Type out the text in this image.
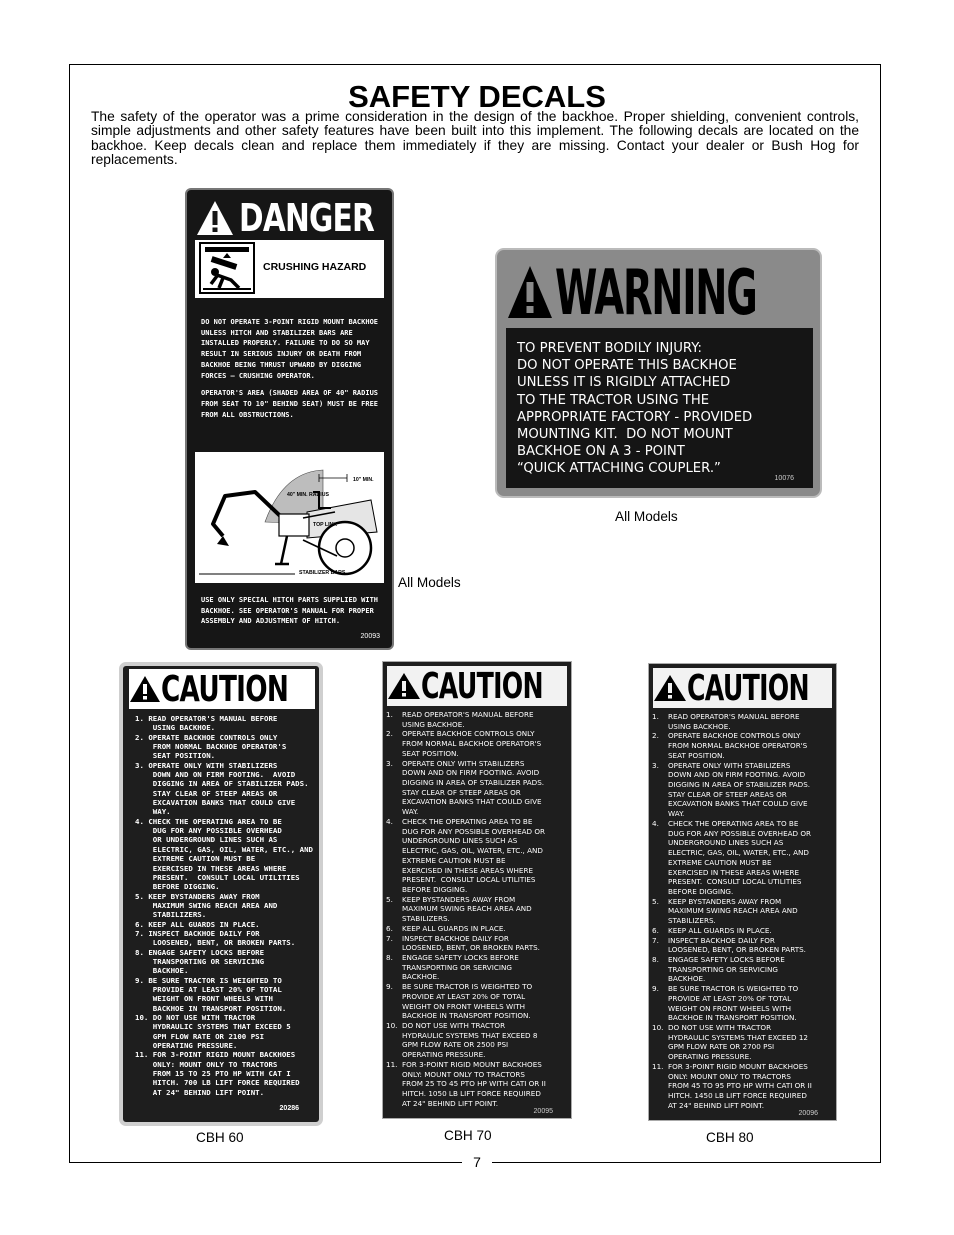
SAFETY DECALS

The safety of the operator was a prime consideration in the design of the backhoe. Proper shielding, convenient controls, simple adjustments and other safety features have been built into this implement. The following decals are located on the backhoe. Keep decals clean and replace them immediately if they are missing. Contact your dealer or Bush Hog for replacements.

DANGER
CRUSHING HAZARD

DO NOT OPERATE 3-POINT RIGID MOUNT BACKHOE UNLESS HITCH AND STABILIZER BARS ARE INSTALLED PROPERLY. FAILURE TO DO SO MAY RESULT IN SERIOUS INJURY OR DEATH FROM BACKHOE BEING THRUST UPWARD BY DIGGING FORCES – CRUSHING OPERATOR.

OPERATOR'S AREA (SHADED AREA OF 40" RADIUS FROM SEAT TO 10" BEHIND SEAT) MUST BE FREE FROM ALL OBSTRUCTIONS.

10" MIN.
40" MIN. RADIUS
TOP LINK
STABILIZER BARS
USE ONLY SPECIAL HITCH PARTS SUPPLIED WITH BACKHOE. SEE OPERATOR'S MANUAL FOR PROPER ASSEMBLY AND ADJUSTMENT OF HITCH.
20093
All Models
WARNING
TO PREVENT BODILY INJURY:
DO NOT OPERATE THIS BACKHOE
UNLESS IT IS RIGIDLY ATTACHED
TO THE TRACTOR USING THE
APPROPRIATE FACTORY - PROVIDED
MOUNTING KIT.  DO NOT MOUNT
BACKHOE ON A 3 - POINT
“QUICK ATTACHING COUPLER.”
10076
All Models
CAUTION
1. READ OPERATOR'S MANUAL BEFORE
USING BACKHOE.
2. OPERATE BACKHOE CONTROLS ONLY
FROM NORMAL BACKHOE OPERATOR'S
SEAT POSITION.
3. OPERATE ONLY WITH STABILIZERS
DOWN AND ON FIRM FOOTING.  AVOID
DIGGING IN AREA OF STABILIZER PADS.
STAY CLEAR OF STEEP AREAS OR
EXCAVATION BANKS THAT COULD GIVE
WAY.
4. CHECK THE OPERATING AREA TO BE
DUG FOR ANY POSSIBLE OVERHEAD
OR UNDERGROUND LINES SUCH AS
ELECTRIC, GAS, OIL, WATER, ETC., AND
EXTREME CAUTION MUST BE
EXERCISED IN THESE AREAS WHERE
PRESENT.  CONSULT LOCAL UTILITIES
BEFORE DIGGING.
5. KEEP BYSTANDERS AWAY FROM
MAXIMUM SWING REACH AREA AND
STABILIZERS.
6. KEEP ALL GUARDS IN PLACE.
7. INSPECT BACKHOE DAILY FOR
LOOSENED, BENT, OR BROKEN PARTS.
8. ENGAGE SAFETY LOCKS BEFORE
TRANSPORTING OR SERVICING
BACKHOE.
9. BE SURE TRACTOR IS WEIGHTED TO
PROVIDE AT LEAST 20% OF TOTAL
WEIGHT ON FRONT WHEELS WITH
BACKHOE IN TRANSPORT POSITION.
10. DO NOT USE WITH TRACTOR
HYDRAULIC SYSTEMS THAT EXCEED 5
GPM FLOW RATE OR 2100 PSI
OPERATING PRESSURE.
11. FOR 3-POINT RIGID MOUNT BACKHOES
ONLY: MOUNT ONLY TO TRACTORS
FROM 15 TO 25 PTO HP WITH CAT I
HITCH. 700 LB LIFT FORCE REQUIRED
AT 24" BEHIND LIFT POINT.
20286
CBH 60
CAUTION
1. READ OPERATOR'S MANUAL BEFORE
USING BACKHOE.
2. OPERATE BACKHOE CONTROLS ONLY
FROM NORMAL BACKHOE OPERATOR'S
SEAT POSITION.
3. OPERATE ONLY WITH STABILIZERS
DOWN AND ON FIRM FOOTING. AVOID
DIGGING IN AREA OF STABILIZER PADS.
STAY CLEAR OF STEEP AREAS OR
EXCAVATION BANKS THAT COULD GIVE
WAY.
4. CHECK THE OPERATING AREA TO BE
DUG FOR ANY POSSIBLE OVERHEAD OR
UNDERGROUND LINES SUCH AS
ELECTRIC, GAS, OIL, WATER, ETC., AND
EXTREME CAUTION MUST BE
EXERCISED IN THESE AREAS WHERE
PRESENT.  CONSULT LOCAL UTILITIES
BEFORE DIGGING.
5. KEEP BYSTANDERS AWAY FROM
MAXIMUM SWING REACH AREA AND
STABILIZERS.
6. KEEP ALL GUARDS IN PLACE.
7. INSPECT BACKHOE DAILY FOR
LOOSENED, BENT, OR BROKEN PARTS.
8. ENGAGE SAFETY LOCKS BEFORE
TRANSPORTING OR SERVICING
BACKHOE.
9. BE SURE TRACTOR IS WEIGHTED TO
PROVIDE AT LEAST 20% OF TOTAL
WEIGHT ON FRONT WHEELS WITH
BACKHOE IN TRANSPORT POSITION.
10. DO NOT USE WITH TRACTOR
HYDRAULIC SYSTEMS THAT EXCEED 8
GPM FLOW RATE OR 2500 PSI
OPERATING PRESSURE.
11. FOR 3-POINT RIGID MOUNT BACKHOES
ONLY: MOUNT ONLY TO TRACTORS
FROM 25 TO 45 PTO HP WITH CATI OR II
HITCH. 1050 LB LIFT FORCE REQUIRED
AT 24" BEHIND LIFT POINT.
20095
CBH 70
CAUTION
1. READ OPERATOR'S MANUAL BEFORE
USING BACKHOE.
2. OPERATE BACKHOE CONTROLS ONLY
FROM NORMAL BACKHOE OPERATOR'S
SEAT POSITION.
3. OPERATE ONLY WITH STABILIZERS
DOWN AND ON FIRM FOOTING. AVOID
DIGGING IN AREA OF STABILIZER PADS.
STAY CLEAR OF STEEP AREAS OR
EXCAVATION BANKS THAT COULD GIVE
WAY.
4. CHECK THE OPERATING AREA TO BE
DUG FOR ANY POSSIBLE OVERHEAD OR
UNDERGROUND LINES SUCH AS
ELECTRIC, GAS, OIL, WATER, ETC., AND
EXTREME CAUTION MUST BE
EXERCISED IN THESE AREAS WHERE
PRESENT.  CONSULT LOCAL UTILITIES
BEFORE DIGGING.
5. KEEP BYSTANDERS AWAY FROM
MAXIMUM SWING REACH AREA AND
STABILIZERS.
6. KEEP ALL GUARDS IN PLACE.
7. INSPECT BACKHOE DAILY FOR
LOOSENED, BENT, OR BROKEN PARTS.
8. ENGAGE SAFETY LOCKS BEFORE
TRANSPORTING OR SERVICING
BACKHOE.
9. BE SURE TRACTOR IS WEIGHTED TO
PROVIDE AT LEAST 20% OF TOTAL
WEIGHT ON FRONT WHEELS WITH
BACKHOE IN TRANSPORT POSITION.
10. DO NOT USE WITH TRACTOR
HYDRAULIC SYSTEMS THAT EXCEED 12
GPM FLOW RATE OR 2700 PSI
OPERATING PRESSURE.
11. FOR 3-POINT RIGID MOUNT BACKHOES
ONLY: MOUNT ONLY TO TRACTORS
FROM 45 TO 95 PTO HP WITH CATI OR II
HITCH. 1450 LB LIFT FORCE REQUIRED
AT 24" BEHIND LIFT POINT.
20096
CBH 80
7
